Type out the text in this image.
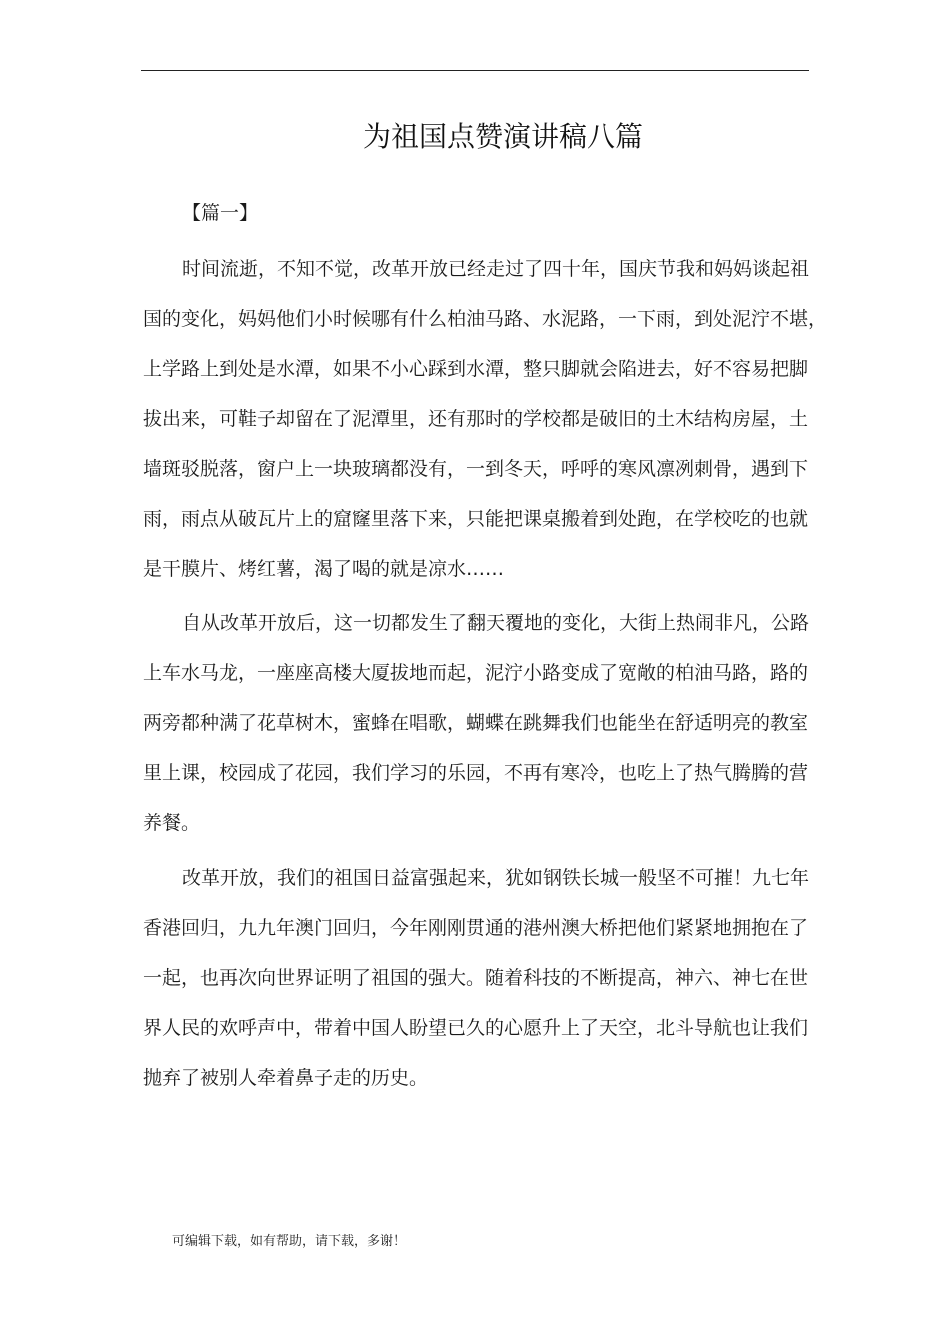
为祖国点赞演讲稿八篇
【篇一】

时间流逝，不知不觉，改革开放已经走过了四十年，国庆节我和妈妈谈起祖
国的变化，妈妈他们小时候哪有什么柏油马路、水泥路，一下雨，到处泥泞不堪，
上学路上到处是水潭，如果不小心踩到水潭，整只脚就会陷进去，好不容易把脚
拔出来，可鞋子却留在了泥潭里，还有那时的学校都是破旧的土木结构房屋，土
墙斑驳脱落，窗户上一块玻璃都没有，一到冬天，呼呼的寒风凛冽刺骨，遇到下
雨，雨点从破瓦片上的窟窿里落下来，只能把课桌搬着到处跑，在学校吃的也就
是干膜片、烤红薯，渴了喝的就是凉水……

自从改革开放后，这一切都发生了翻天覆地的变化，大街上热闹非凡，公路
上车水马龙，一座座高楼大厦拔地而起，泥泞小路变成了宽敞的柏油马路，路的
两旁都种满了花草树木，蜜蜂在唱歌，蝴蝶在跳舞我们也能坐在舒适明亮的教室
里上课，校园成了花园，我们学习的乐园，不再有寒冷，也吃上了热气腾腾的营
养餐。

改革开放，我们的祖国日益富强起来，犹如钢铁长城一般坚不可摧！九七年
香港回归，九九年澳门回归，今年刚刚贯通的港州澳大桥把他们紧紧地拥抱在了
一起，也再次向世界证明了祖国的强大。随着科技的不断提高，神六、神七在世
界人民的欢呼声中，带着中国人盼望已久的心愿升上了天空，北斗导航也让我们
抛弃了被别人牵着鼻子走的历史。

可编辑下载，如有帮助，请下载，多谢！
